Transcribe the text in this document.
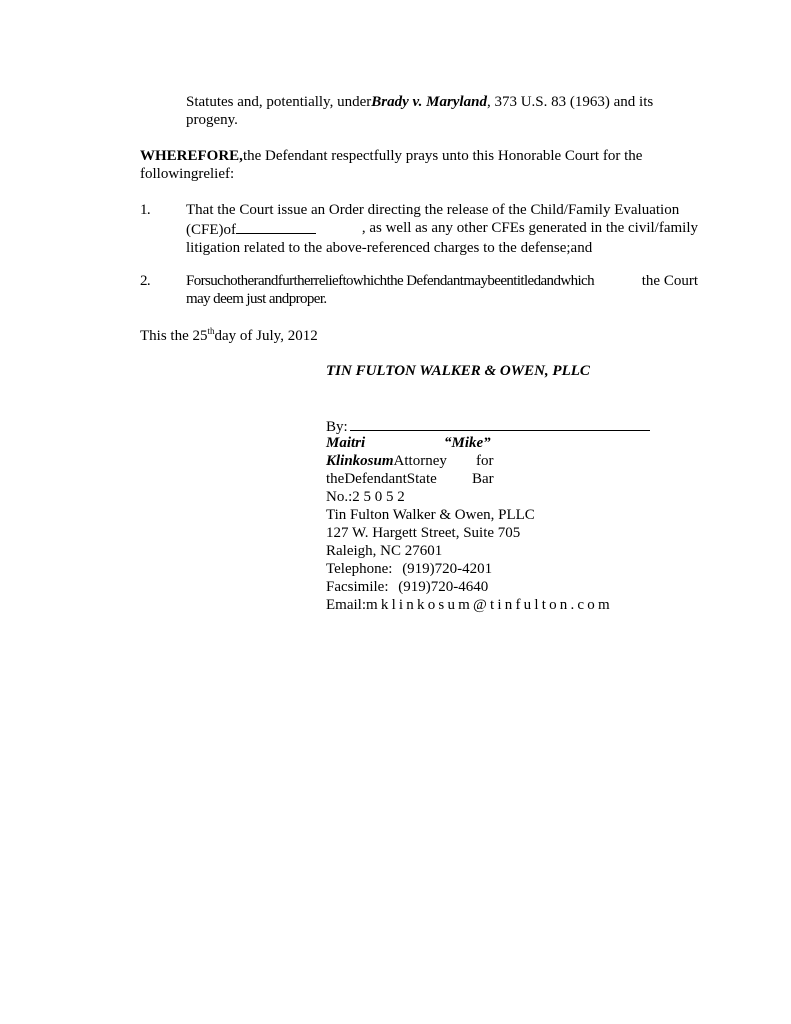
Statutes and, potentially, underBrady v. Maryland, 373 U.S. 83 (1963) and its
progeny.
WHEREFORE,the Defendant respectfully prays unto this Honorable Court for the
followingrelief:
1. That the Court issue an Order directing the release of the Child/Family Evaluation
(CFE)of	, as well as any other CFEs generated in the civil/family
litigation related to the above-referenced charges to the defense;and
2. Forsuchotherandfurtherrelieftowhichthe Defendantmaybeentitledandwhich	the Court
may deem just andproper.
This the 25thday of July, 2012
TIN FULTON WALKER & OWEN, PLLC
By:
Maitri	“Mike”
KlinkosumAttorney for
theDefendantState Bar
No.:2 5 0 5 2
Tin Fulton Walker & Owen, PLLC
127 W. Hargett Street, Suite 705
Raleigh, NC 27601
Telephone: (919)720-4201
Facsimile: (919)720-4640
Email:mklinkosum@tinfulton.com
